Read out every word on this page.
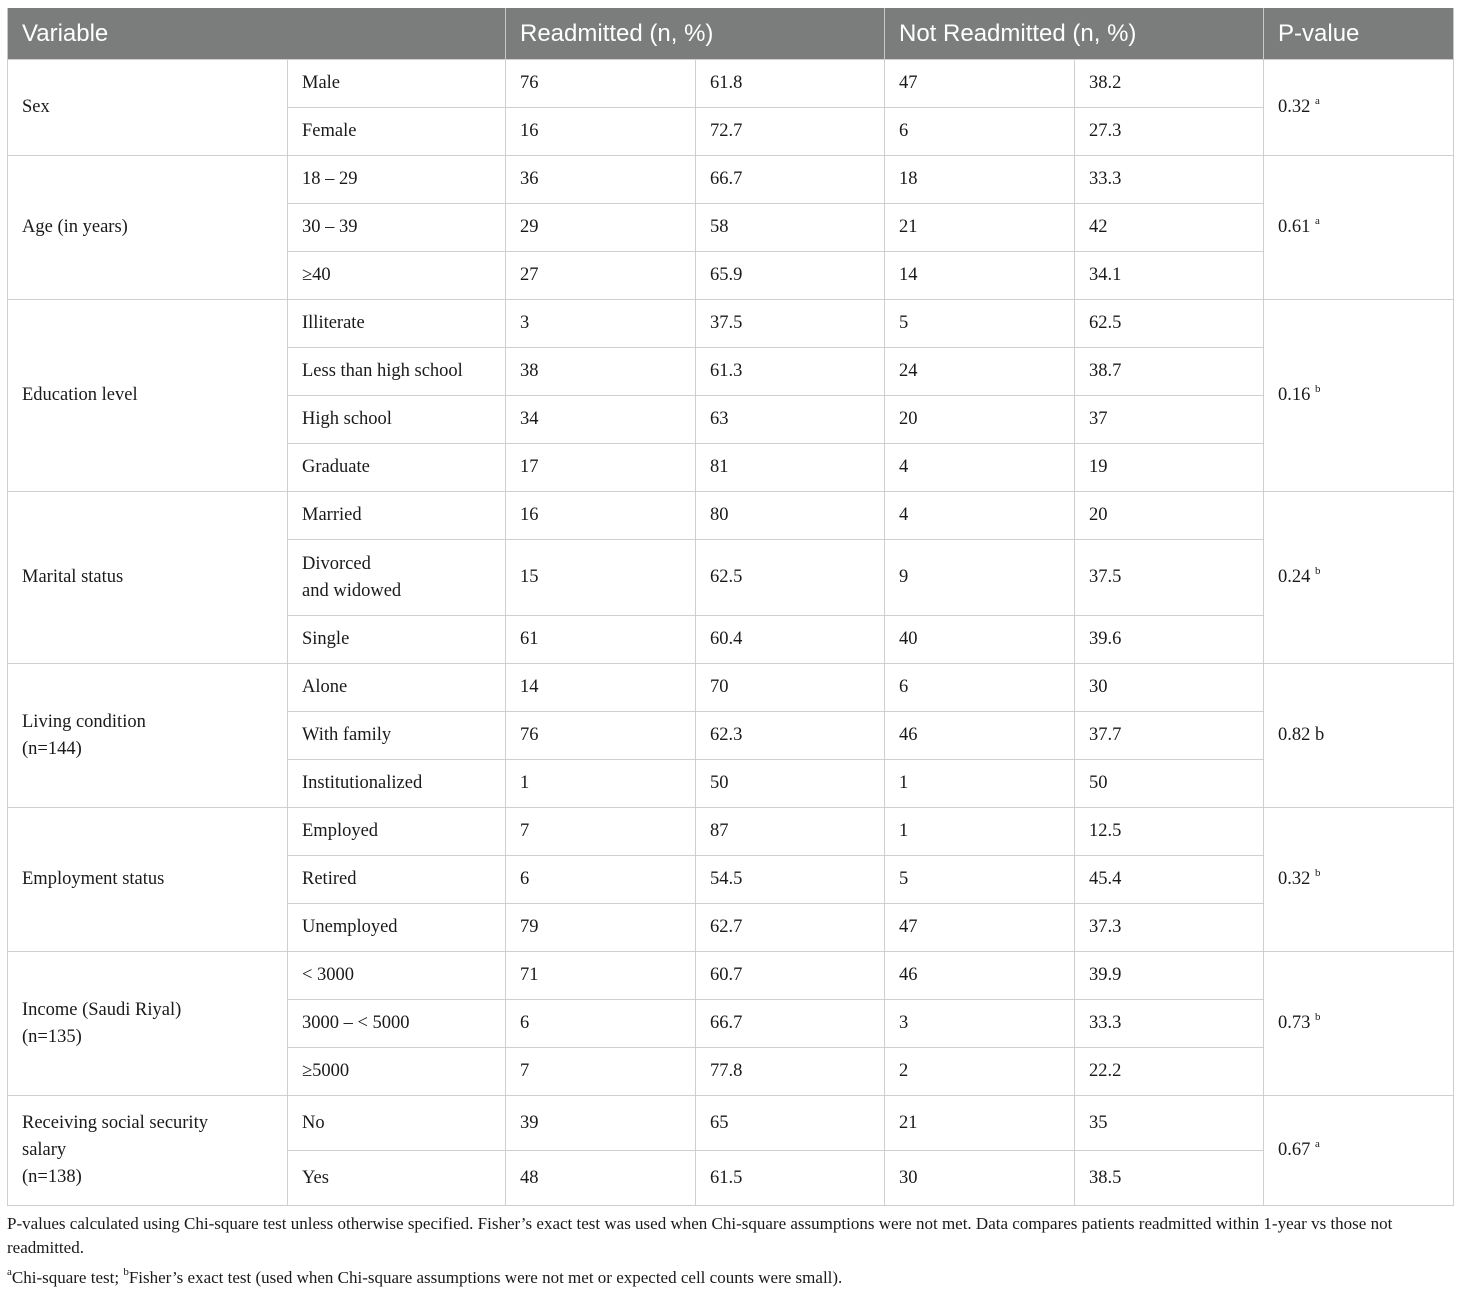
Variable		Readmitted (n, %)		Not Readmitted (n, %)		P-value
Sex	Male	76	61.8	47	38.2	0.32 $^a$
	Female	16	72.7	6	27.3	
Age (in years)	18 – 29	36	66.7	18	33.3	0.61 $^a$
	30 – 39	29	58	21	42	
	≥40	27	65.9	14	34.1	
Education level	Illiterate	3	37.5	5	62.5	0.16 $^b$
	Less than high school	38	61.3	24	38.7	
	High school	34	63	20	37	
	Graduate	17	81	4	19	
Marital status	Married	16	80	4	20	0.24 $^b$
	Divorced
and widowed	15	62.5	9	37.5	
	Single	61	60.4	40	39.6	
Living condition
(n=144)	Alone	14	70	6	30	0.82 b
	With family	76	62.3	46	37.7	
	Institutionalized	1	50	1	50	
Employment status	Employed	7	87	1	12.5	0.32 $^b$
	Retired	6	54.5	5	45.4	
	Unemployed	79	62.7	47	37.3	
Income (Saudi Riyal)
(n=135)	< 3000	71	60.7	46	39.9	0.73 $^b$
	3000 – < 5000	6	66.7	3	33.3	
	≥5000	7	77.8	2	22.2	
Receiving social security
salary
(n=138)	No	39	65	21	35	0.67 $^a$
	Yes	48	61.5	30	38.5	

P-values calculated using Chi-square test unless otherwise specified. Fisher’s exact test was used when Chi-square assumptions were not met. Data compares patients readmitted within 1-year vs those not readmitted.

$^a$Chi-square test; $^b$Fisher’s exact test (used when Chi-square assumptions were not met or expected cell counts were small).
